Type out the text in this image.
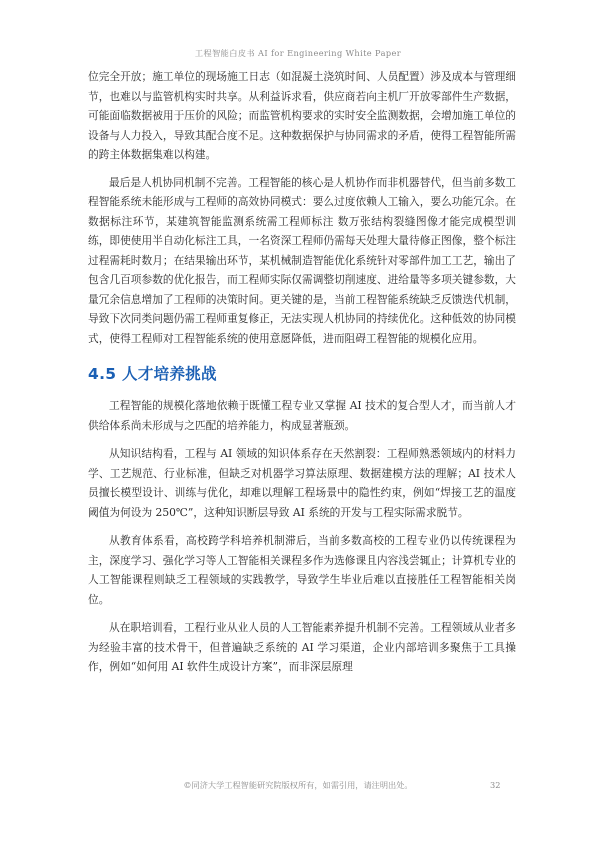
工程智能白皮书 AI for Engineering White Paper

位完全开放；施工单位的现场施工日志（如混凝土浇筑时间、人员配置）涉及成本与管理细节，也难以与监管机构实时共享。从利益诉求看，供应商若向主机厂开放零部件生产数据，可能面临数据被用于压价的风险；而监管机构要求的实时安全监测数据，会增加施工单位的设备与人力投入，导致其配合度不足。这种数据保护与协同需求的矛盾，使得工程智能所需的跨主体数据集难以构建。

最后是人机协同机制不完善。工程智能的核心是人机协作而非机器替代，但当前多数工程智能系统未能形成与工程师的高效协同模式：要么过度依赖人工输入，要么功能冗余。在数据标注环节，某建筑智能监测系统需工程师标注 数万张结构裂缝图像才能完成模型训练，即使使用半自动化标注工具，一名资深工程师仍需每天处理大量待修正图像，整个标注过程需耗时数月；在结果输出环节，某机械制造智能优化系统针对零部件加工工艺，输出了包含几百项参数的优化报告，而工程师实际仅需调整切削速度、进给量等多项关键参数，大量冗余信息增加了工程师的决策时间。更关键的是，当前工程智能系统缺乏反馈迭代机制，导致下次同类问题仍需工程师重复修正，无法实现人机协同的持续优化。这种低效的协同模式，使得工程师对工程智能系统的使用意愿降低，进而阻碍工程智能的规模化应用。

4.5 人才培养挑战

工程智能的规模化落地依赖于既懂工程专业又掌握 AI 技术的复合型人才，而当前人才供给体系尚未形成与之匹配的培养能力，构成显著瓶颈。

从知识结构看，工程与 AI 领域的知识体系存在天然割裂：工程师熟悉领域内的材料力学、工艺规范、行业标准，但缺乏对机器学习算法原理、数据建模方法的理解；AI 技术人员擅长模型设计、训练与优化，却难以理解工程场景中的隐性约束，例如“焊接工艺的温度阈值为何设为 250℃”，这种知识断层导致 AI 系统的开发与工程实际需求脱节。

从教育体系看，高校跨学科培养机制滞后，当前多数高校的工程专业仍以传统课程为主，深度学习、强化学习等人工智能相关课程多作为选修课且内容浅尝辄止；计算机专业的人工智能课程则缺乏工程领域的实践教学，导致学生毕业后难以直接胜任工程智能相关岗位。

从在职培训看，工程行业从业人员的人工智能素养提升机制不完善。工程领域从业者多为经验丰富的技术骨干，但普遍缺乏系统的 AI 学习渠道，企业内部培训多聚焦于工具操作，例如“如何用 AI 软件生成设计方案”，而非深层原理

©同济大学工程智能研究院版权所有，如需引用，请注明出处。	32
